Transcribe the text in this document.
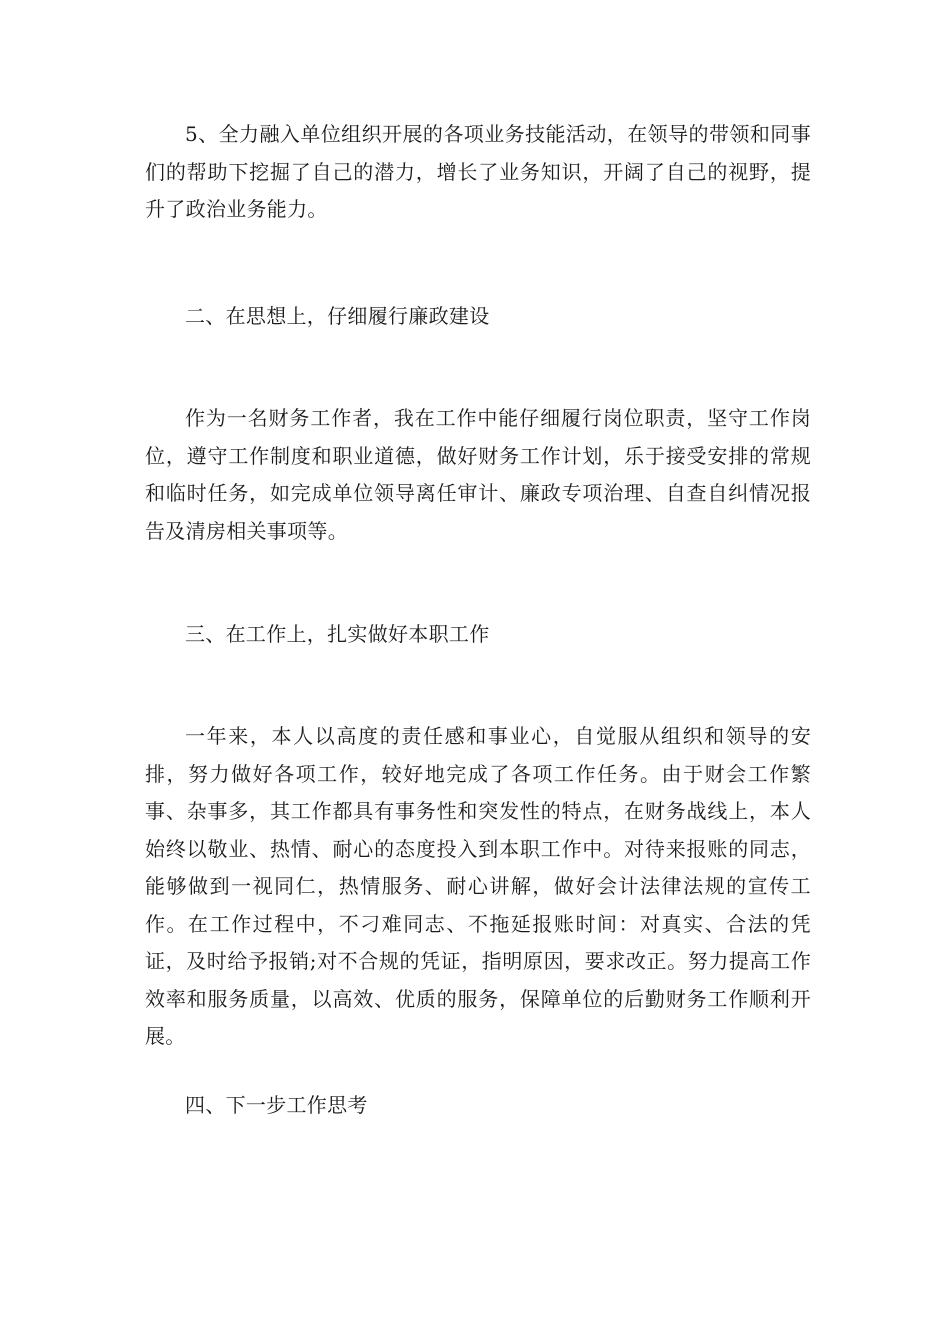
5、全力融入单位组织开展的各项业务技能活动，在领导的带领和同事们的帮助下挖掘了自己的潜力，增长了业务知识，开阔了自己的视野，提升了政治业务能力。

二、在思想上，仔细履行廉政建设

作为一名财务工作者，我在工作中能仔细履行岗位职责，坚守工作岗位，遵守工作制度和职业道德，做好财务工作计划，乐于接受安排的常规和临时任务，如完成单位领导离任审计、廉政专项治理、自查自纠情况报告及清房相关事项等。

三、在工作上，扎实做好本职工作

一年来，本人以高度的责任感和事业心，自觉服从组织和领导的安排，努力做好各项工作，较好地完成了各项工作任务。由于财会工作繁事、杂事多，其工作都具有事务性和突发性的特点，在财务战线上，本人始终以敬业、热情、耐心的态度投入到本职工作中。对待来报账的同志，能够做到一视同仁，热情服务、耐心讲解，做好会计法律法规的宣传工作。在工作过程中，不刁难同志、不拖延报账时间：对真实、合法的凭证，及时给予报销;对不合规的凭证，指明原因，要求改正。努力提高工作效率和服务质量，以高效、优质的服务，保障单位的后勤财务工作顺利开展。

四、下一步工作思考
